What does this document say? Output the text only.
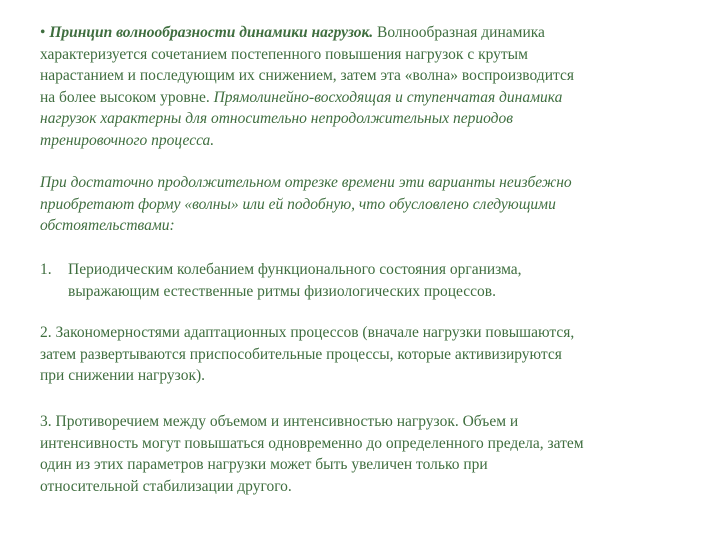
• Принцип волнообразности динамики нагрузок. Волнообразная динамика
характеризуется сочетанием постепенного повышения нагрузок с крутым
нарастанием и последующим их снижением, затем эта «волна» воспроизводится
на более высоком уровне. Прямолинейно-восходящая и ступенчатая динамика
нагрузок характерны для относительно непродолжительных периодов
тренировочного процесса.
При достаточно продолжительном отрезке времени эти варианты неизбежно
приобретают форму «волны» или ей подобную, что обусловлено следующими
обстоятельствами:
1. Периодическим колебанием функционального состояния организма,
выражающим естественные ритмы физиологических процессов.
2. Закономерностями адаптационных процессов (вначале нагрузки повышаются,
затем развертываются приспособительные процессы, которые активизируются
при снижении нагрузок).
3. Противоречием между объемом и интенсивностью нагрузок. Объем и
интенсивность могут повышаться одновременно до определенного предела, затем
один из этих параметров нагрузки может быть увеличен только при
относительной стабилизации другого.
